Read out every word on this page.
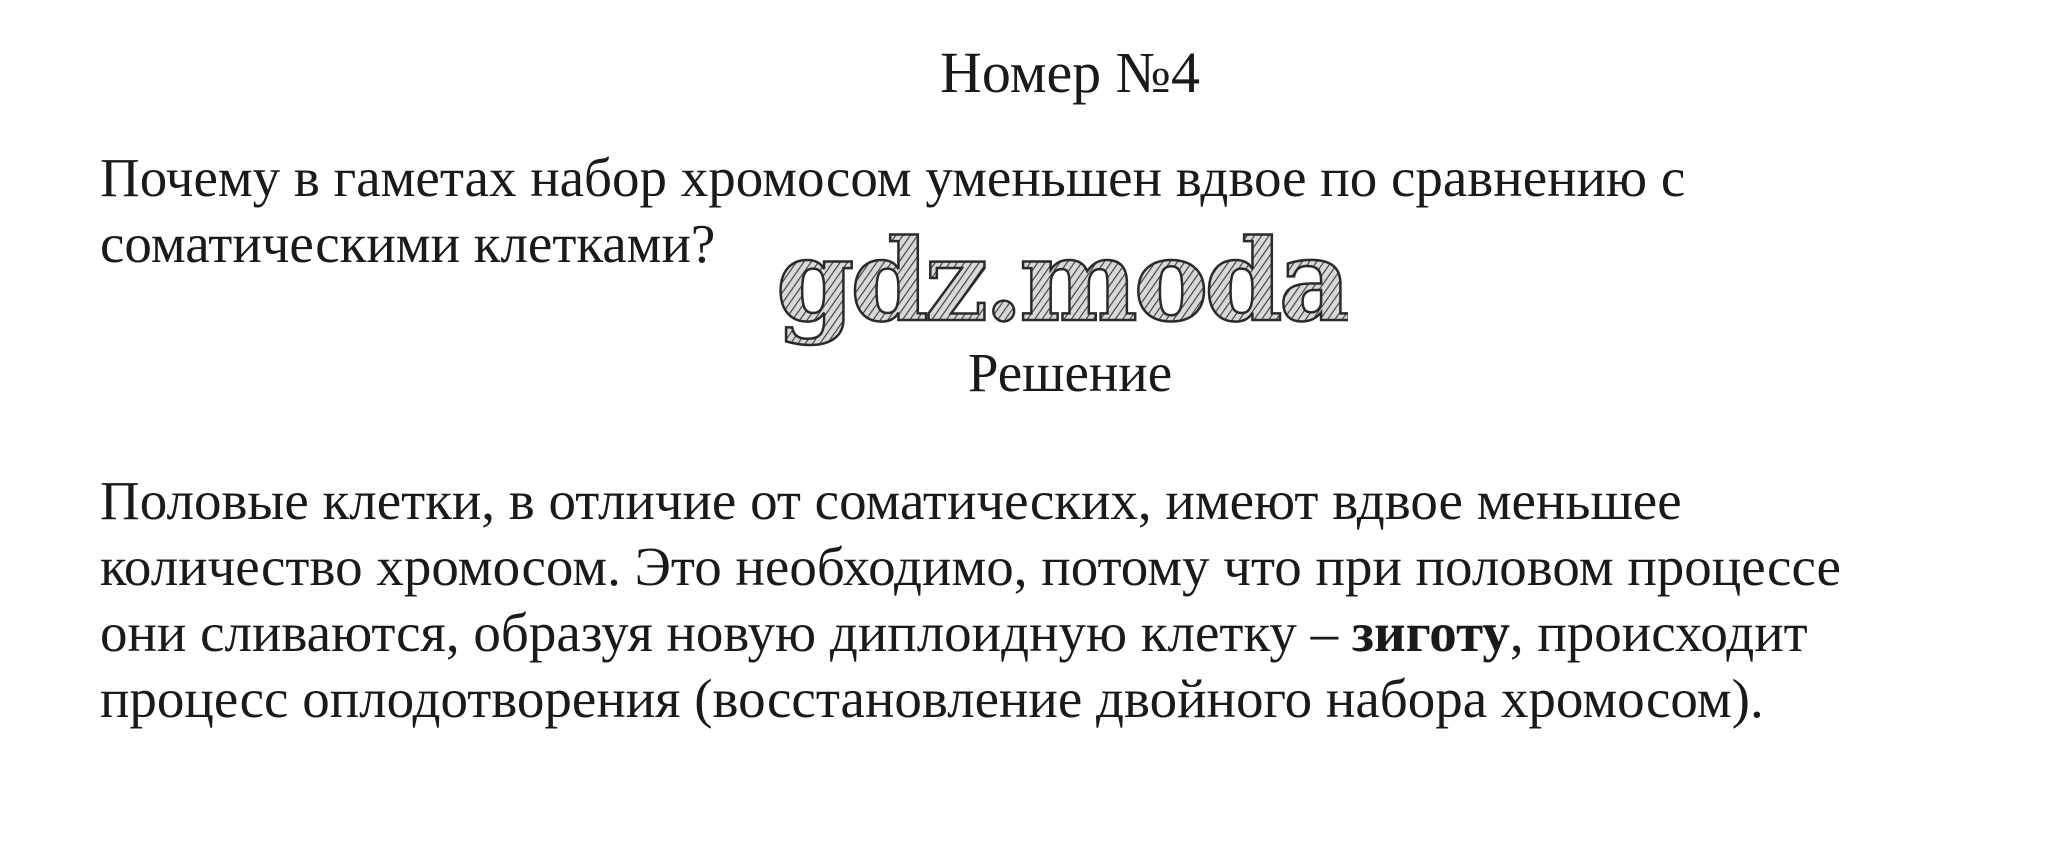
Номер №4
Почему в гаметах набор хромосом уменьшен вдвое по сравнению с
соматическими клетками? gdz.moda
Решение
Половые клетки, в отличие от соматических, имеют вдвое меньшее
количество хромосом. Это необходимо, потому что при половом процессе
они сливаются, образуя новую диплоидную клетку – зиготу, происходит
процесс оплодотворения (восстановление двойного набора хромосом).
